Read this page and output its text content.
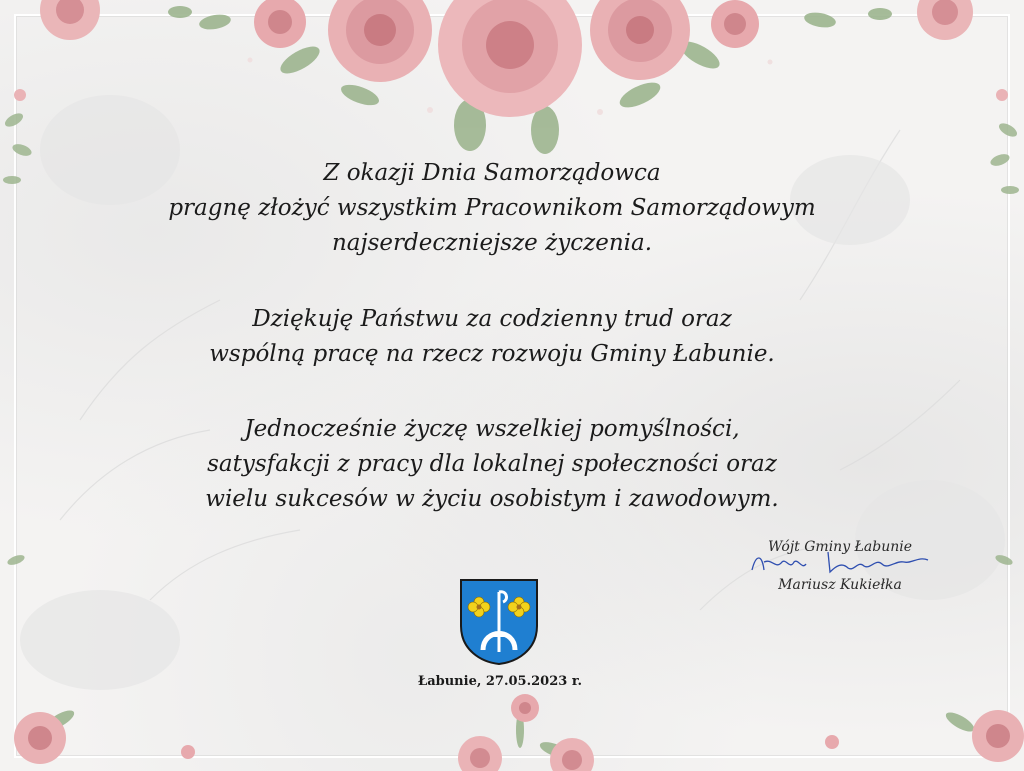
Z okazji Dnia Samorządowca
pragnę złożyć wszystkim Pracownikom Samorządowym
najserdeczniejsze życzenia.
Dziękuję Państwu za codzienny trud oraz
wspólną pracę na rzecz rozwoju Gminy Łabunie.
Jednocześnie życzę wszelkiej pomyślności,
satysfakcji z pracy dla lokalnej społeczności oraz
wielu sukcesów w życiu osobistym i zawodowym.
Wójt Gminy Łabunie
Mariusz Kukiełka
Łabunie, 27.05.2023 r.
